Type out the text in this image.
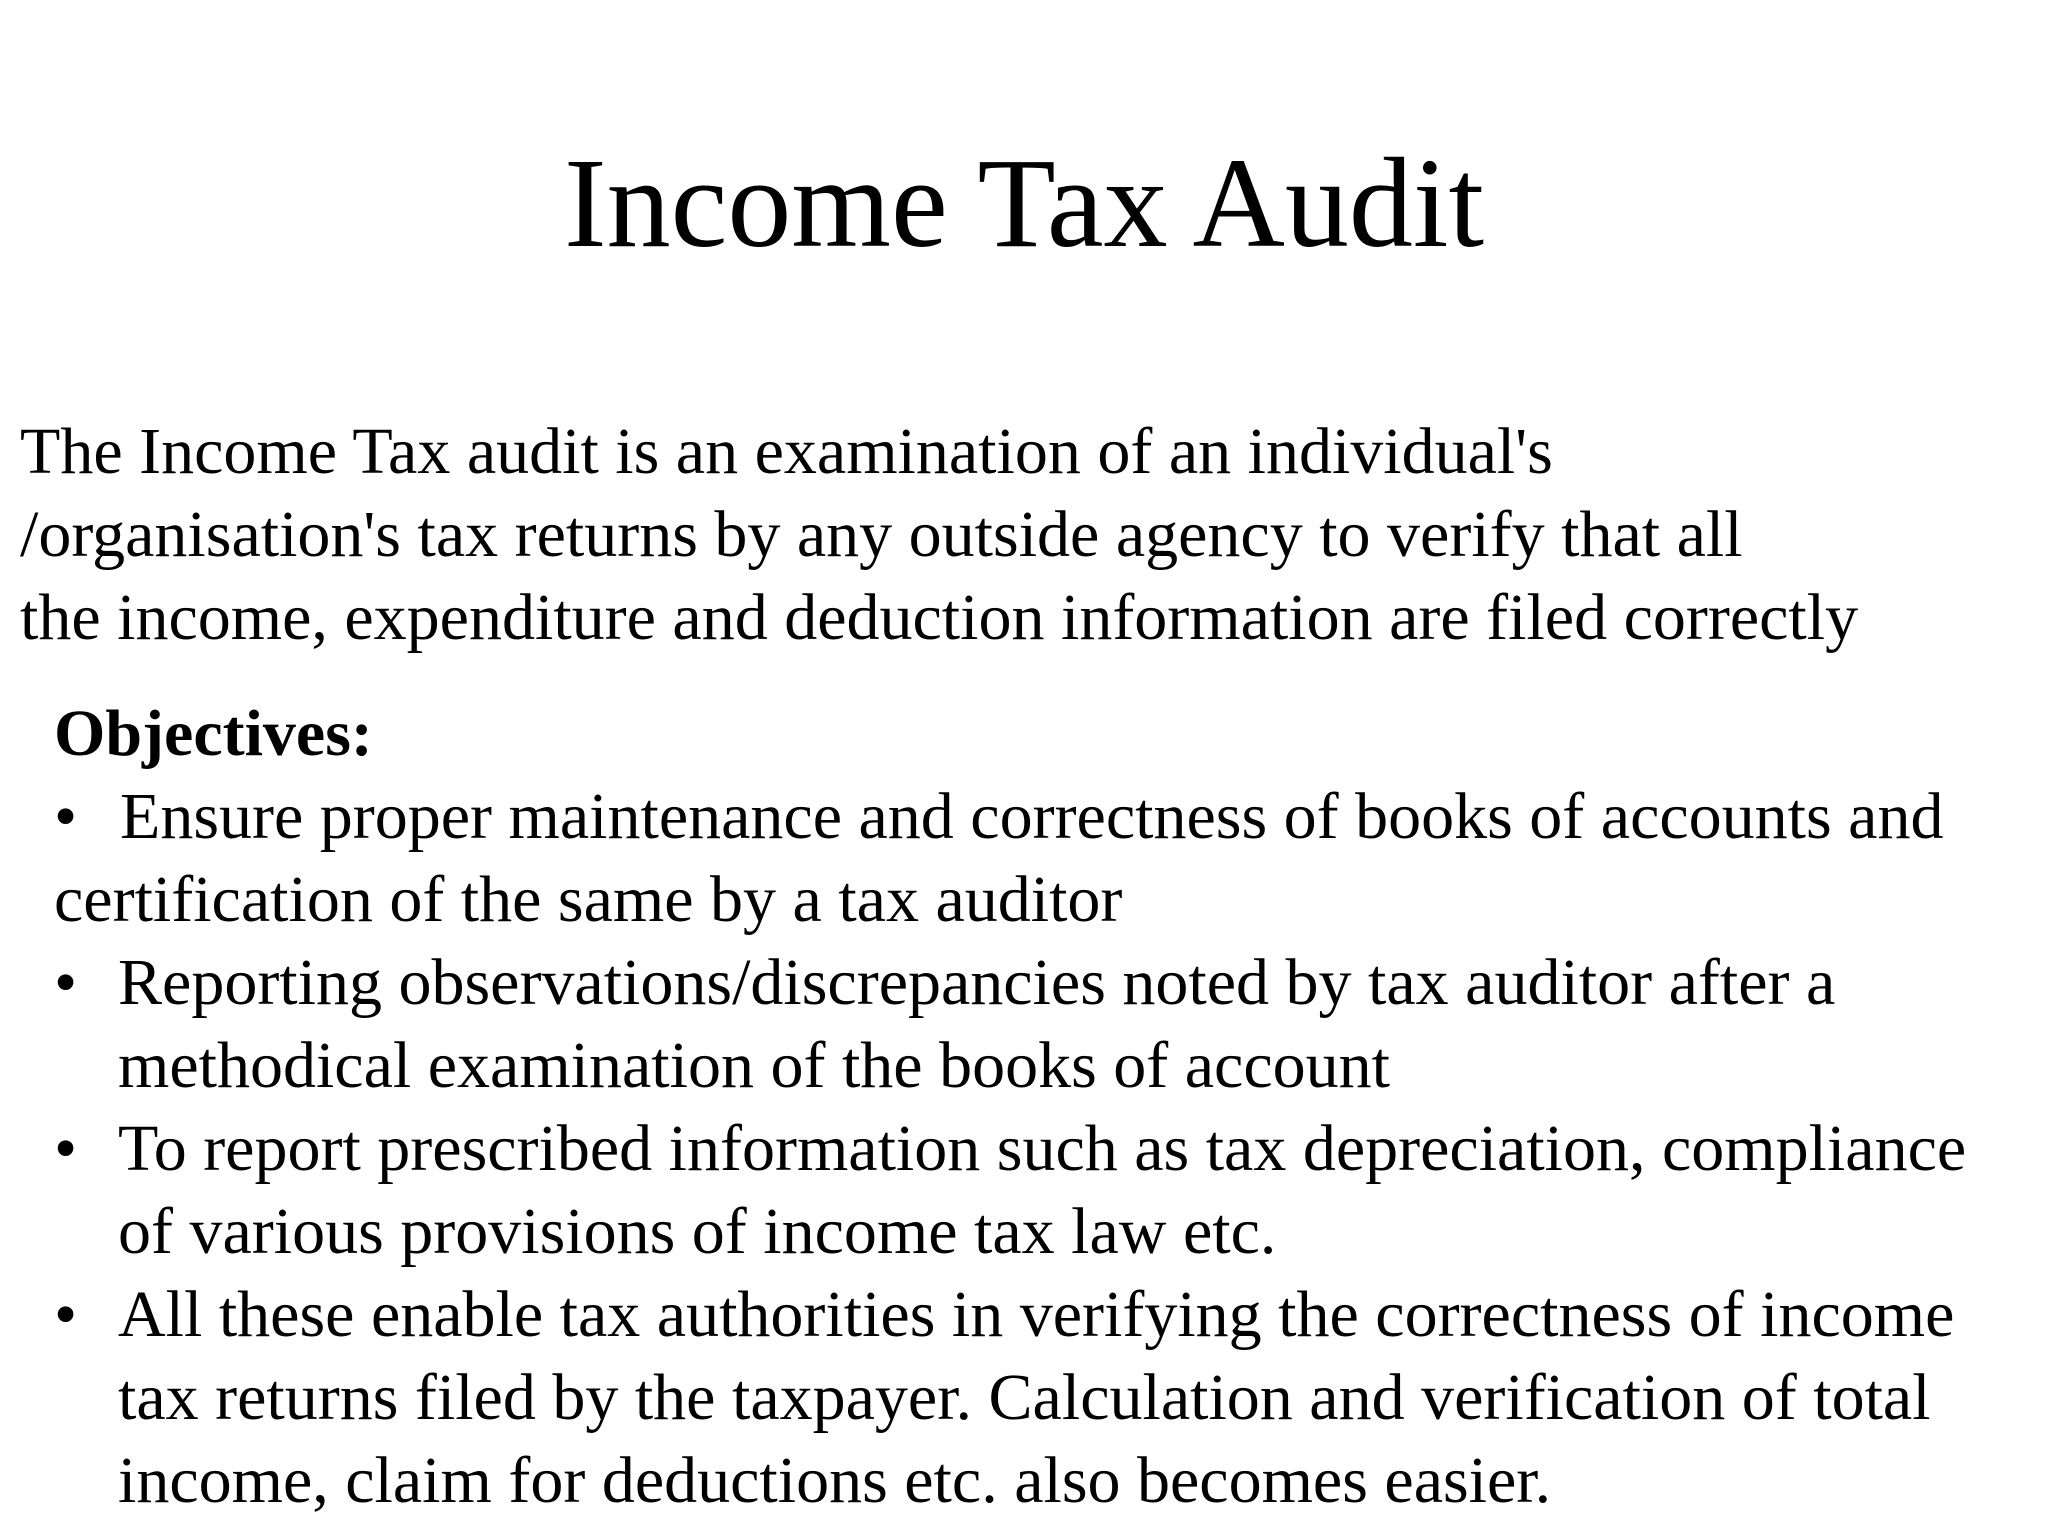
Income Tax Audit

The Income Tax audit is an examination of an individual's
/organisation's tax returns by any outside agency to verify that all
the income, expenditure and deduction information are filed correctly

Objectives:

• Ensure proper maintenance and correctness of books of accounts and
certification of the same by a tax auditor

• Reporting observations/discrepancies noted by tax auditor after a
methodical examination of the books of account
• To report prescribed information such as tax depreciation, compliance
of various provisions of income tax law etc.
• All these enable tax authorities in verifying the correctness of income
tax returns filed by the taxpayer. Calculation and verification of total
income, claim for deductions etc. also becomes easier.
